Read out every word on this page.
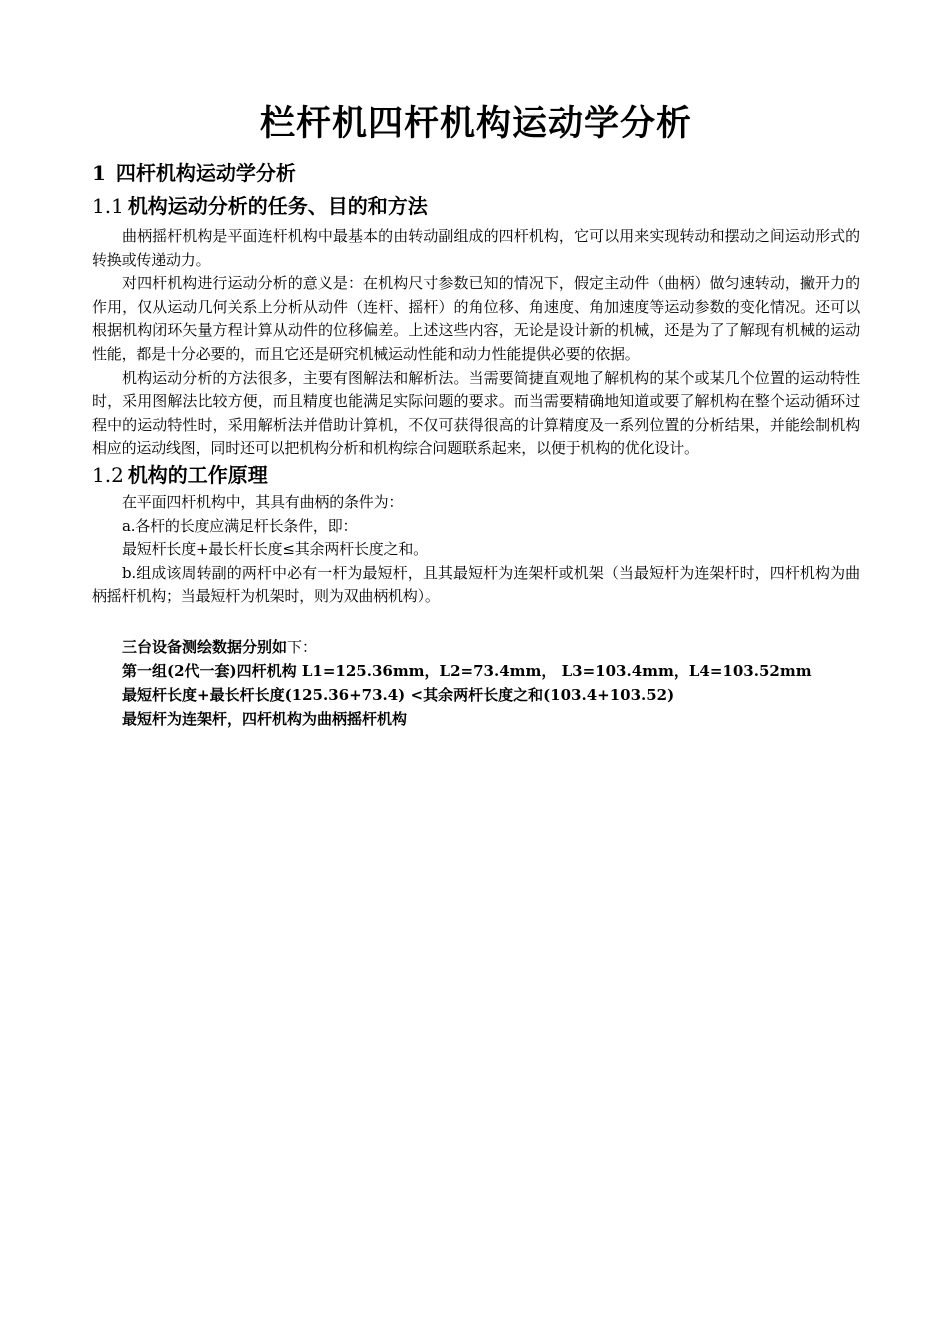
栏杆机四杆机构运动学分析
1 四杆机构运动学分析
1.1 机构运动分析的任务、目的和方法

曲柄摇杆机构是平面连杆机构中最基本的由转动副组成的四杆机构，它可以用来实现转动和摆动之间运动形式的转换或传递动力。

对四杆机构进行运动分析的意义是：在机构尺寸参数已知的情况下，假定主动件（曲柄）做匀速转动，撇开力的作用，仅从运动几何关系上分析从动件（连杆、摇杆）的角位移、角速度、角加速度等运动参数的变化情况。还可以根据机构闭环矢量方程计算从动件的位移偏差。上述这些内容，无论是设计新的机械，还是为了了解现有机械的运动性能，都是十分必要的，而且它还是研究机械运动性能和动力性能提供必要的依据。

机构运动分析的方法很多，主要有图解法和解析法。当需要简捷直观地了解机构的某个或某几个位置的运动特性时，采用图解法比较方便，而且精度也能满足实际问题的要求。而当需要精确地知道或要了解机构在整个运动循环过程中的运动特性时，采用解析法并借助计算机，不仅可获得很高的计算精度及一系列位置的分析结果，并能绘制机构相应的运动线图，同时还可以把机构分析和机构综合问题联系起来，以便于机构的优化设计。

1.2 机构的工作原理

在平面四杆机构中，其具有曲柄的条件为：

a.各杆的长度应满足杆长条件，即：

最短杆长度+最长杆长度≤其余两杆长度之和。

b.组成该周转副的两杆中必有一杆为最短杆，且其最短杆为连架杆或机架（当最短杆为连架杆时，四杆机构为曲柄摇杆机构；当最短杆为机架时，则为双曲柄机构）。

三台设备测绘数据分别如下：

第一组(2代一套)四杆机构 L1=125.36mm，L2=73.4mm， L3=103.4mm，L4=103.52mm

最短杆长度+最长杆长度(125.36+73.4) <其余两杆长度之和(103.4+103.52)

最短杆为连架杆，四杆机构为曲柄摇杆机构
